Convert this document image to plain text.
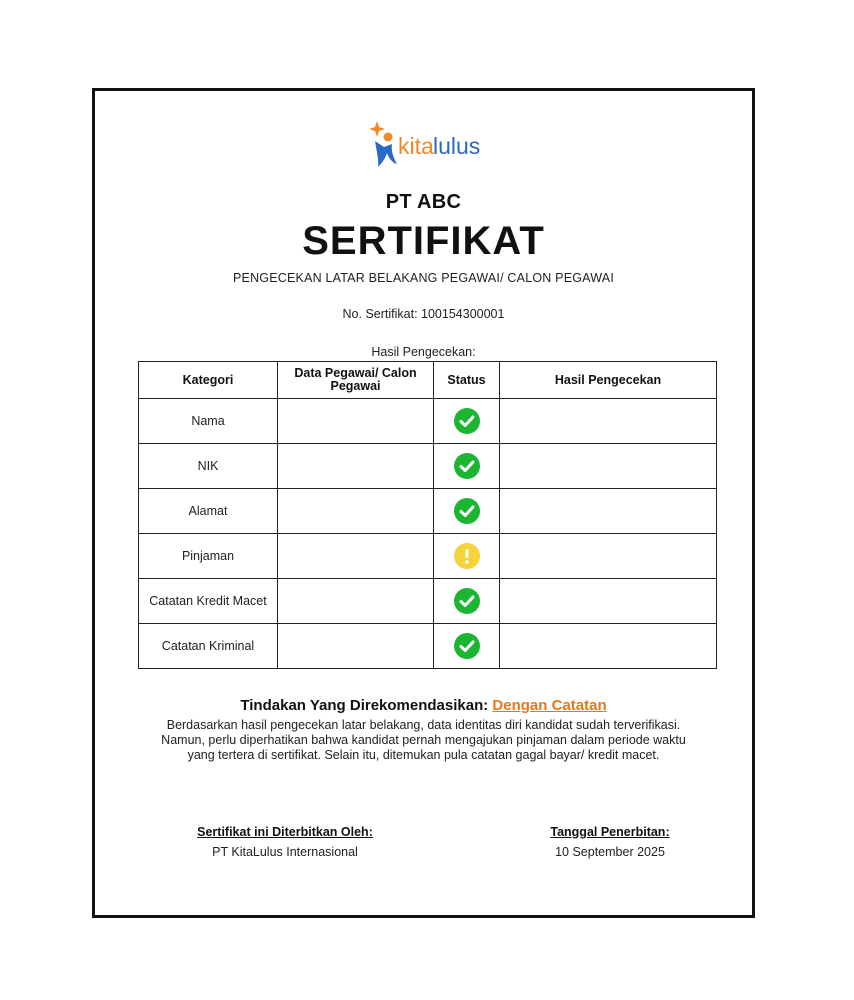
kita lulus
PT ABC
SERTIFIKAT
PENGECEKAN LATAR BELAKANG PEGAWAI/ CALON PEGAWAI
No. Sertifikat: 100154300001
Hasil Pengecekan:
Kategori	Data Pegawai/ Calon Pegawai	Status	Hasil Pengecekan
Nama			
NIK			
Alamat			
Pinjaman			
Catatan Kredit Macet			
Catatan Kriminal			
Tindakan Yang Direkomendasikan: Dengan Catatan
Berdasarkan hasil pengecekan latar belakang, data identitas diri kandidat sudah terverifikasi.
Namun, perlu diperhatikan bahwa kandidat pernah mengajukan pinjaman dalam periode waktu
yang tertera di sertifikat. Selain itu, ditemukan pula catatan gagal bayar/ kredit macet.
Sertifikat ini Diterbitkan Oleh:
PT KitaLulus Internasional
Tanggal Penerbitan:
10 September 2025
